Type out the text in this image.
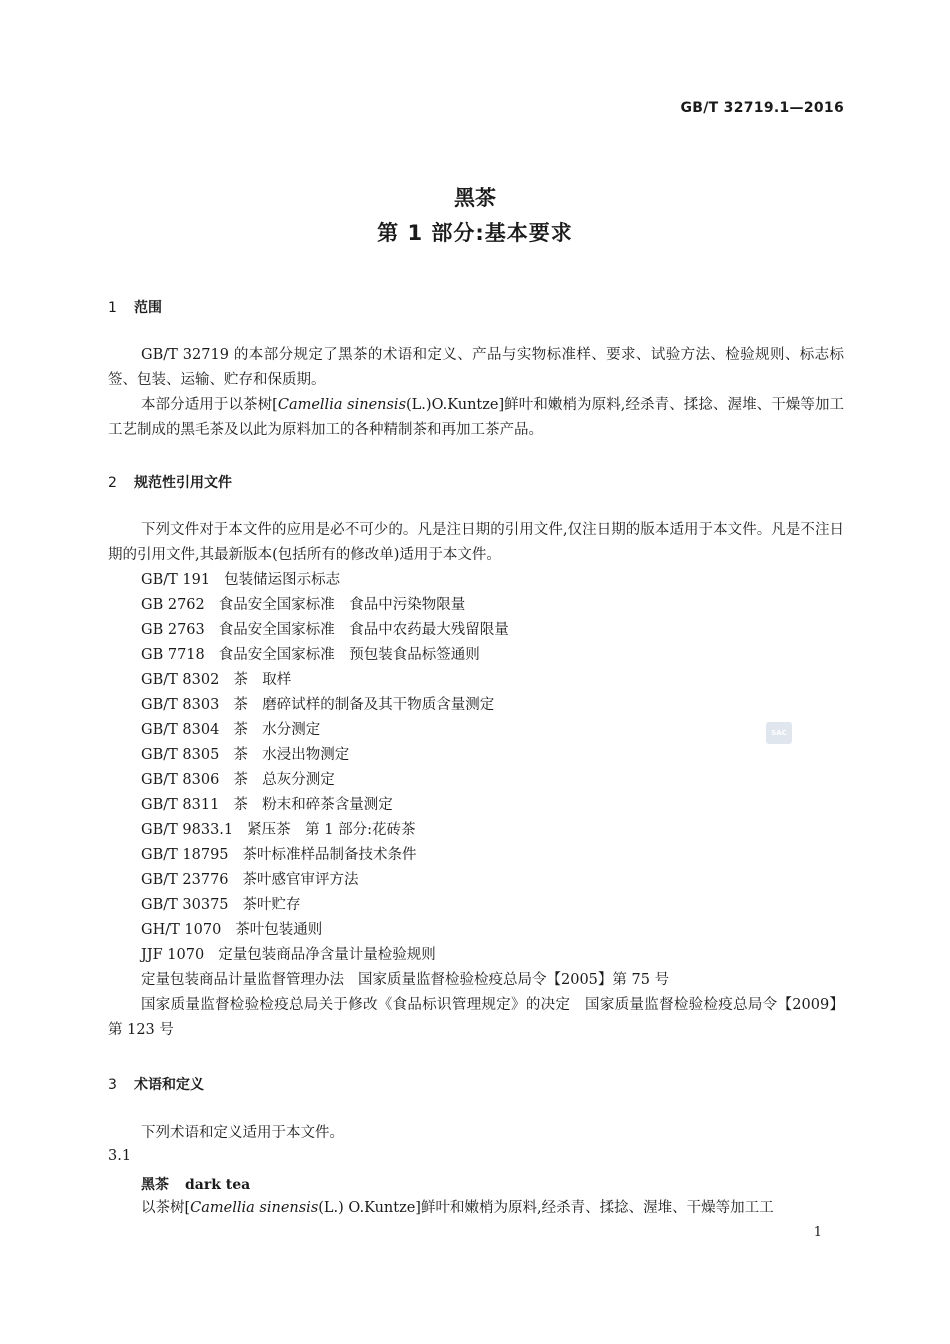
GB/T 32719.1—2016
黑茶
第 1 部分:基本要求
1 范围
GB/T 32719 的本部分规定了黑茶的术语和定义、产品与实物标准样、要求、试验方法、检验规则、标志标签、包装、运输、贮存和保质期。
本部分适用于以茶树[Camellia sinensis(L.)O.Kuntze]鲜叶和嫩梢为原料,经杀青、揉捻、渥堆、干燥等加工工艺制成的黑毛茶及以此为原料加工的各种精制茶和再加工茶产品。
2 规范性引用文件
下列文件对于本文件的应用是必不可少的。凡是注日期的引用文件,仅注日期的版本适用于本文件。凡是不注日期的引用文件,其最新版本(包括所有的修改单)适用于本文件。
GB/T 191 包装储运图示标志
GB 2762 食品安全国家标准　食品中污染物限量
GB 2763 食品安全国家标准　食品中农药最大残留限量
GB 7718 食品安全国家标准　预包装食品标签通则
GB/T 8302 茶　取样
GB/T 8303 茶　磨碎试样的制备及其干物质含量测定
GB/T 8304 茶　水分测定
GB/T 8305 茶　水浸出物测定
GB/T 8306 茶　总灰分测定
GB/T 8311 茶　粉末和碎茶含量测定
GB/T 9833.1 紧压茶　第 1 部分:花砖茶
GB/T 18795 茶叶标准样品制备技术条件
GB/T 23776 茶叶感官审评方法
GB/T 30375 茶叶贮存
GH/T 1070 茶叶包装通则
JJF 1070 定量包装商品净含量计量检验规则
定量包装商品计量监督管理办法 国家质量监督检验检疫总局令【2005】第 75 号
国家质量监督检验检疫总局关于修改《食品标识管理规定》的决定　国家质量监督检验检疫总局令【2009】第 123 号
3 术语和定义
下列术语和定义适用于本文件。
3.1
黑茶 dark tea
以茶树[Camellia sinensis(L.) O.Kuntze]鲜叶和嫩梢为原料,经杀青、揉捻、渥堆、干燥等加工工
1
SAC
